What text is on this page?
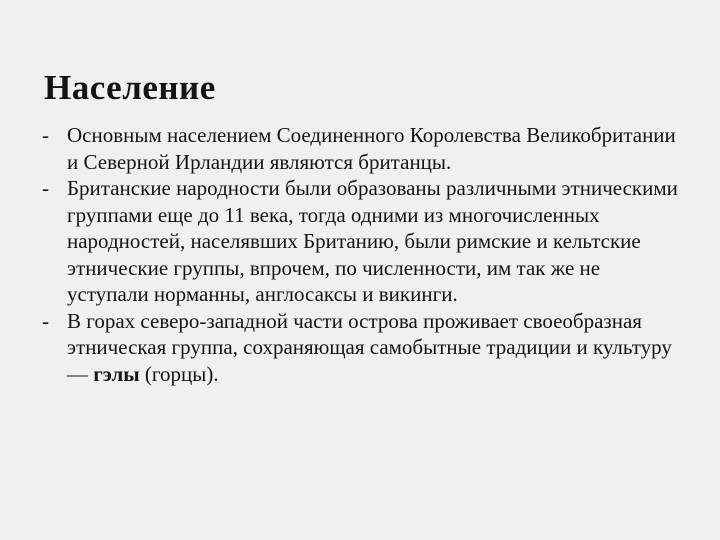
Население
- Основным населением Соединенного Королевства Великобритании и Северной Ирландии являются британцы.
- Британские народности были образованы различными этническими группами еще до 11 века, тогда одними из многочисленных народностей, населявших Британию, были римские и кельтские этнические группы, впрочем, по численности, им так же не уступали норманны, англосаксы и викинги.
- В горах северо-западной части острова проживает своеобразная этническая группа, сохраняющая самобытные традиции и культуру — гэлы (горцы).
